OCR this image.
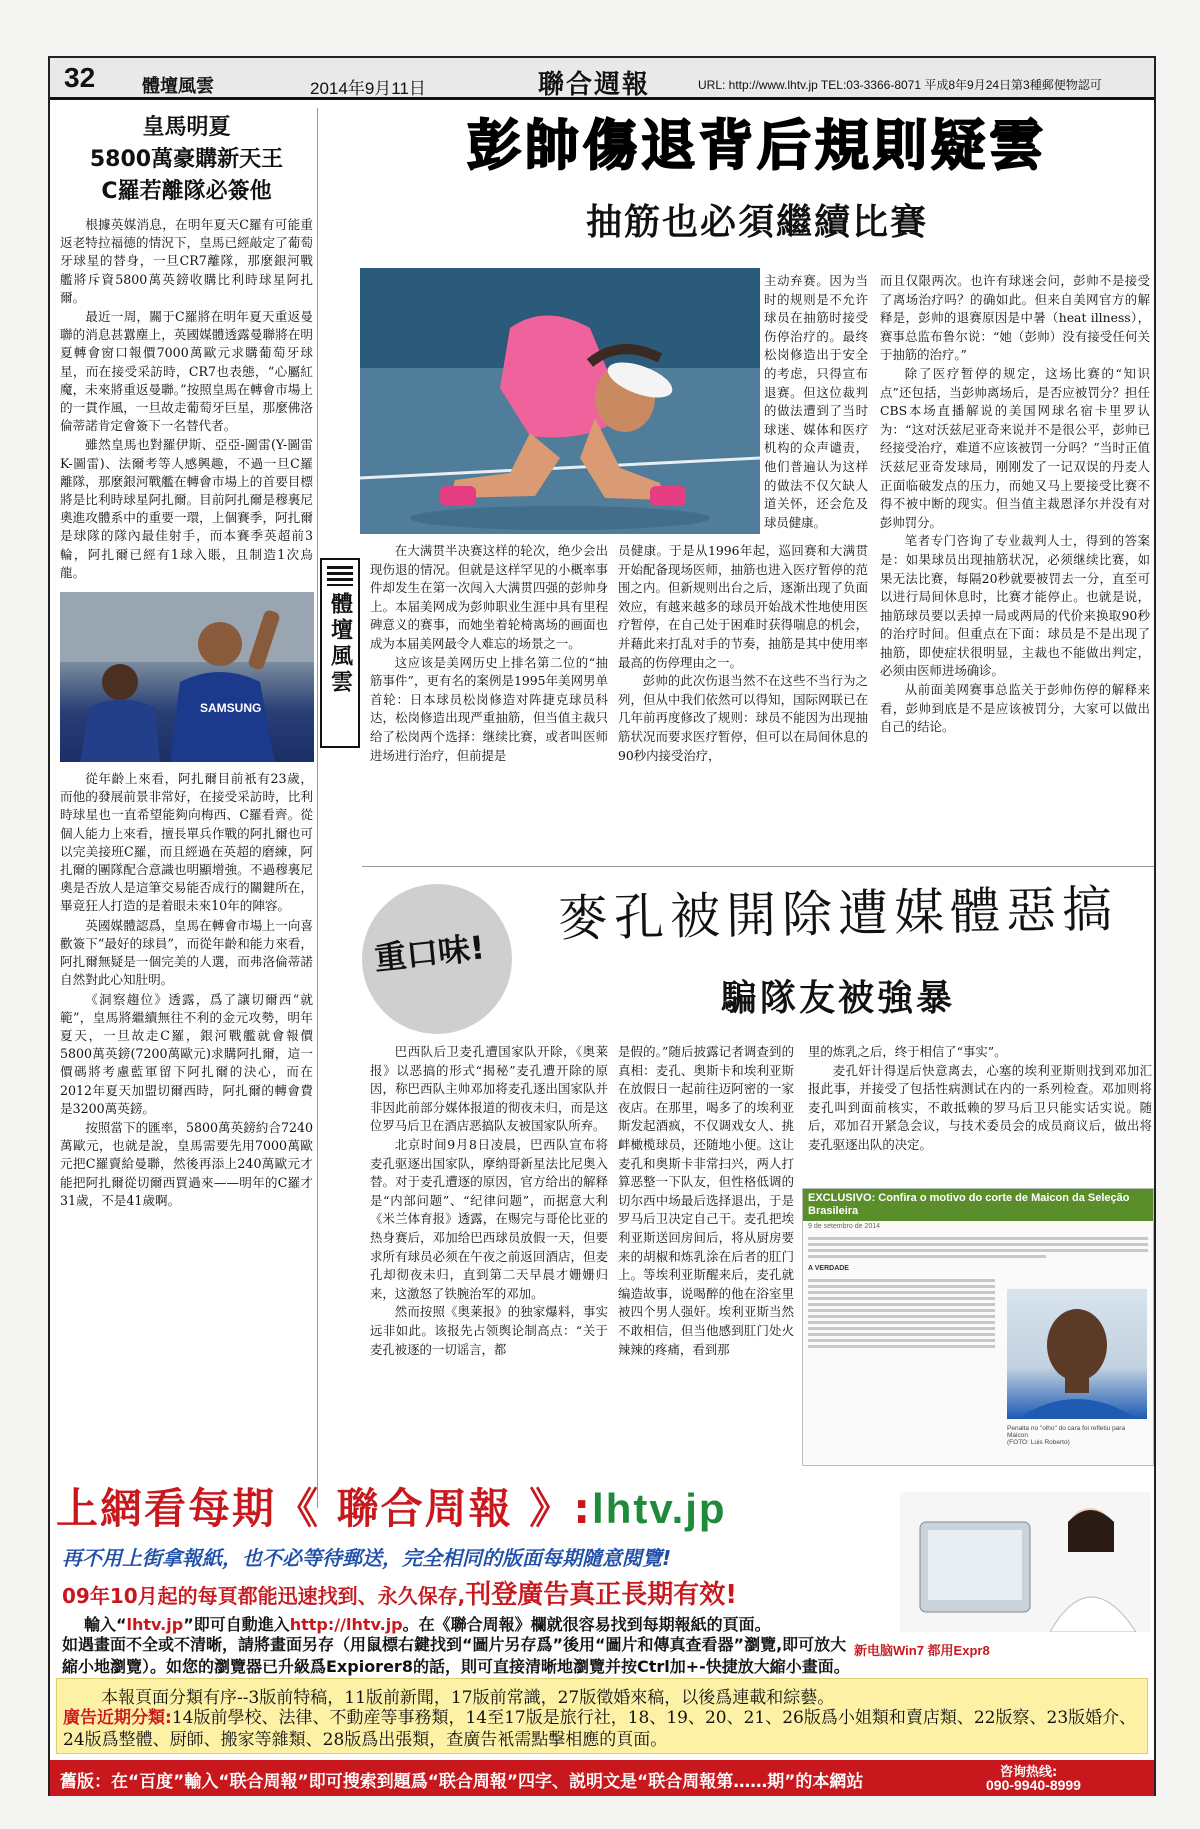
32	體壇風雲	2014年9月11日	聯合週報	URL: http://www.lhtv.jp TEL:03-3366-8071 平成8年9月24日第3種郵便物認可
皇馬明夏
5800萬豪購新天王
C羅若離隊必簽他

根據英媒消息，在明年夏天C羅有可能重返老特拉福德的情況下，皇馬已經敲定了葡萄牙球星的替身，一旦CR7離隊，那麼銀河戰艦將斥資5800萬英鎊收購比利時球星阿扎爾。

最近一周，關于C羅將在明年夏天重返曼聯的消息甚囂塵上，英國媒體透露曼聯將在明夏轉會窗口報價7000萬歐元求購葡萄牙球星，而在接受采訪時，CR7也表態，“心屬紅魔，未來將重返曼聯。”按照皇馬在轉會市場上的一貫作風，一旦故走葡萄牙巨星，那麼佛洛倫蒂諾肯定會簽下一名替代者。

雖然皇馬也對羅伊斯、亞亞-圖雷(Y-圖雷 K-圖雷)、法爾考等人感興趣，不過一旦C羅離隊，那麼銀河戰艦在轉會市場上的首要目標將是比利時球星阿扎爾。目前阿扎爾是穆裏尼奧進攻體系中的重要一環，上個賽季，阿扎爾是球隊的隊內最佳射手，而本賽季英超前3輪，阿扎爾已經有1球入賬，且制造1次烏龍。

SAMSUNG

從年齡上來看，阿扎爾目前衹有23歲，而他的發展前景非常好，在接受采訪時，比利時球星也一直希望能夠向梅西、C羅看齊。從個人能力上來看，擅長單兵作戰的阿扎爾也可以完美接班C羅，而且經過在英超的磨練，阿扎爾的團隊配合意識也明顯增強。不過穆裏尼奧是否放人是這筆交易能否成行的關鍵所在，畢竟狂人打造的是着眼未來10年的陣容。

英國媒體認爲，皇馬在轉會市場上一向喜歡簽下“最好的球員”，而從年齡和能力來看，阿扎爾無疑是一個完美的人選，而弗洛倫蒂諾自然對此心知肚明。

《洞察趨位》透露，爲了讓切爾西“就範”，皇馬將繼續無往不利的金元攻勢，明年夏天，一旦故走C羅，銀河戰艦就會報價5800萬英鎊(7200萬歐元)求購阿扎爾，這一價碼將考慮藍軍留下阿扎爾的決心，而在2012年夏天加盟切爾西時，阿扎爾的轉會費是3200萬英鎊。

按照當下的匯率，5800萬英鎊約合7240萬歐元，也就是說，皇馬需要先用7000萬歐元把C羅賣給曼聯，然後再添上240萬歐元才能把阿扎爾從切爾西買過來——明年的C羅才31歲，不是41歲啊。

體壇風雲
彭帥傷退背后規則疑雲
抽筋也必須繼續比賽

主动弃赛。因为当时的规则是不允许球员在抽筋时接受伤停治疗的。最终松岗修造出于安全的考虑，只得宣布退赛。但这位裁判的做法遭到了当时球迷、媒体和医疗机构的众声谴责，他们普遍认为这样的做法不仅欠缺人道关怀，还会危及球员健康。

而且仅限两次。也许有球迷会问，彭帅不是接受了离场治疗吗？的确如此。但来自美网官方的解释是，彭帅的退赛原因是中暑（heat illness），赛事总监布鲁尔说：“她（彭帅）没有接受任何关于抽筋的治疗。”

除了医疗暂停的规定，这场比赛的“知识点”还包括，当彭帅离场后，是否应被罚分？担任CBS本场直播解说的美国网球名宿卡里罗认为：“这对沃兹尼亚奇来说并不是很公平，彭帅已经接受治疗，难道不应该被罚一分吗？”当时正值沃兹尼亚奇发球局，刚刚发了一记双误的丹麦人正面临破发点的压力，而她又马上要接受比赛不得不被中断的现实。但当值主裁恩泽尔并没有对彭帅罚分。

笔者专门咨询了专业裁判人士，得到的答案是：如果球员出现抽筋状况，必须继续比赛，如果无法比赛，每隔20秒就要被罚去一分，直至可以进行局间休息时，比赛才能停止。也就是说，抽筋球员要以丢掉一局或两局的代价来换取90秒的治疗时间。但重点在下面：球员是不是出现了抽筋，即使症状很明显，主裁也不能做出判定，必须由医师进场确诊。

从前面美网赛事总监关于彭帅伤停的解释来看，彭帅到底是不是应该被罚分，大家可以做出自己的结论。

在大满贯半决赛这样的轮次，绝少会出现伤退的情况。但就是这样罕见的小概率事件却发生在第一次闯入大满贯四强的彭帅身上。本届美网成为彭帅职业生涯中具有里程碑意义的赛事，而她坐着轮椅离场的画面也成为本届美网最令人难忘的场景之一。

这应该是美网历史上排名第二位的“抽筋事件”，更有名的案例是1995年美网男单首轮：日本球员松岗修造对阵捷克球员科达，松岗修造出现严重抽筋，但当值主裁只给了松岗两个选择：继续比赛，或者叫医师进场进行治疗，但前提是

员健康。于是从1996年起，巡回赛和大满贯开始配备现场医师，抽筋也进入医疗暂停的范围之内。但新规则出台之后，逐渐出现了负面效应，有越来越多的球员开始战术性地使用医疗暂停，在自己处于困难时获得喘息的机会，并藉此来打乱对手的节奏，抽筋是其中使用率最高的伤停理由之一。

彭帅的此次伤退当然不在这些不当行为之列，但从中我们依然可以得知，国际网联已在几年前再度修改了规则：球员不能因为出现抽筋状况而要求医疗暂停，但可以在局间休息的90秒内接受治疗，

重口味!
麥孔被開除遭媒體惡搞
騙隊友被強暴

巴西队后卫麦孔遭国家队开除，《奥莱报》以恶搞的形式“揭秘”麦孔遭开除的原因，称巴西队主帅邓加将麦孔逐出国家队并非因此前部分媒体报道的彻夜未归，而是这位罗马后卫在酒店恶搞队友被国家队所弃。

北京时间9月8日凌晨，巴西队宣布将麦孔驱逐出国家队，摩纳哥新星法比尼奥入替。对于麦孔遭逐的原因，官方给出的解释是“内部问题”、“纪律问题”，而据意大利《米兰体育报》透露，在赐完与哥伦比亚的热身赛后，邓加给巴西球员放假一天，但要求所有球员必须在午夜之前返回酒店，但麦孔却彻夜未归，直到第二天早晨才姗姗归来，这激怒了铁腕治军的邓加。

然而按照《奥莱报》的独家爆料，事实远非如此。该报先占领舆论制高点：“关于麦孔被逐的一切谣言，都

是假的。”随后披露记者调查到的真相：麦孔、奥斯卡和埃利亚斯在放假日一起前往迈阿密的一家夜店。在那里，喝多了的埃利亚斯发起酒疯，不仅调戏女人、挑衅橄榄球员，还随地小便。这让麦孔和奥斯卡非常扫兴，两人打算恶整一下队友，但性格低调的切尔西中场最后选择退出，于是罗马后卫决定自己干。麦孔把埃利亚斯送回房间后，将从厨房要来的胡椒和炼乳涂在后者的肛门上。等埃利亚斯醒来后，麦孔就编造故事，说喝醉的他在浴室里被四个男人强奸。埃利亚斯当然不敢相信，但当他感到肛门处火辣辣的疼痛，看到那

里的炼乳之后，终于相信了“事实”。

麦孔奸计得逞后快意离去，心塞的埃利亚斯则找到邓加汇报此事，并接受了包括性病测试在内的一系列检查。邓加则将麦孔叫到面前核实，不敢抵赖的罗马后卫只能实话实说。随后，邓加召开紧急会议，与技术委员会的成员商议后，做出将麦孔驱逐出队的决定。

EXCLUSIVO: Confira o motivo do corte de Maicon da Seleção Brasileira
9 de setembro de 2014
A VERDADE
Penalta no "olho" do cara foi refletiu para Maicon
(FOTO: Luis Roberto)
上網看每期《 聯合周報 》:lhtv.jp
再不用上街拿報紙，也不必等待郵送，完全相同的版面每期隨意閱覽!
09年10月起的每頁都能迅速找到、永久保存,刊登廣告真正長期有效!
輸入“lhtv.jp”即可自動進入http://lhtv.jp。在《聯合周報》欄就很容易找到每期報紙的頁面。
如遇畫面不全或不清晰，請將畫面另存（用鼠標右鍵找到“圖片另存爲”後用“圖片和傳真查看器”瀏覽,即可放大縮小地瀏覽）。如您的瀏覽器已升級爲Expiorer8的話，則可直接清晰地瀏覽并按Ctrl加+-快捷放大縮小畫面。
新电脑Win7 都用Expr8
本報頁面分類有序--3版前特稿，11版前新聞，17版前常識，27版徵婚來稿，以後爲連載和綜藝。
廣告近期分類:14版前學校、法律、不動産等事務類，14至17版是旅行社，18、19、20、21、26版爲小姐類和賣店類、22版察、23版婚介、24版爲整體、厨師、搬家等雜類、28版爲出張類，查廣告衹需點擊相應的頁面。
舊版：在“百度”輸入“联合周報”即可搜索到題爲“联合周報”四字、説明文是“联合周報第……期”的本網站	咨询热线:
090-9940-8999
